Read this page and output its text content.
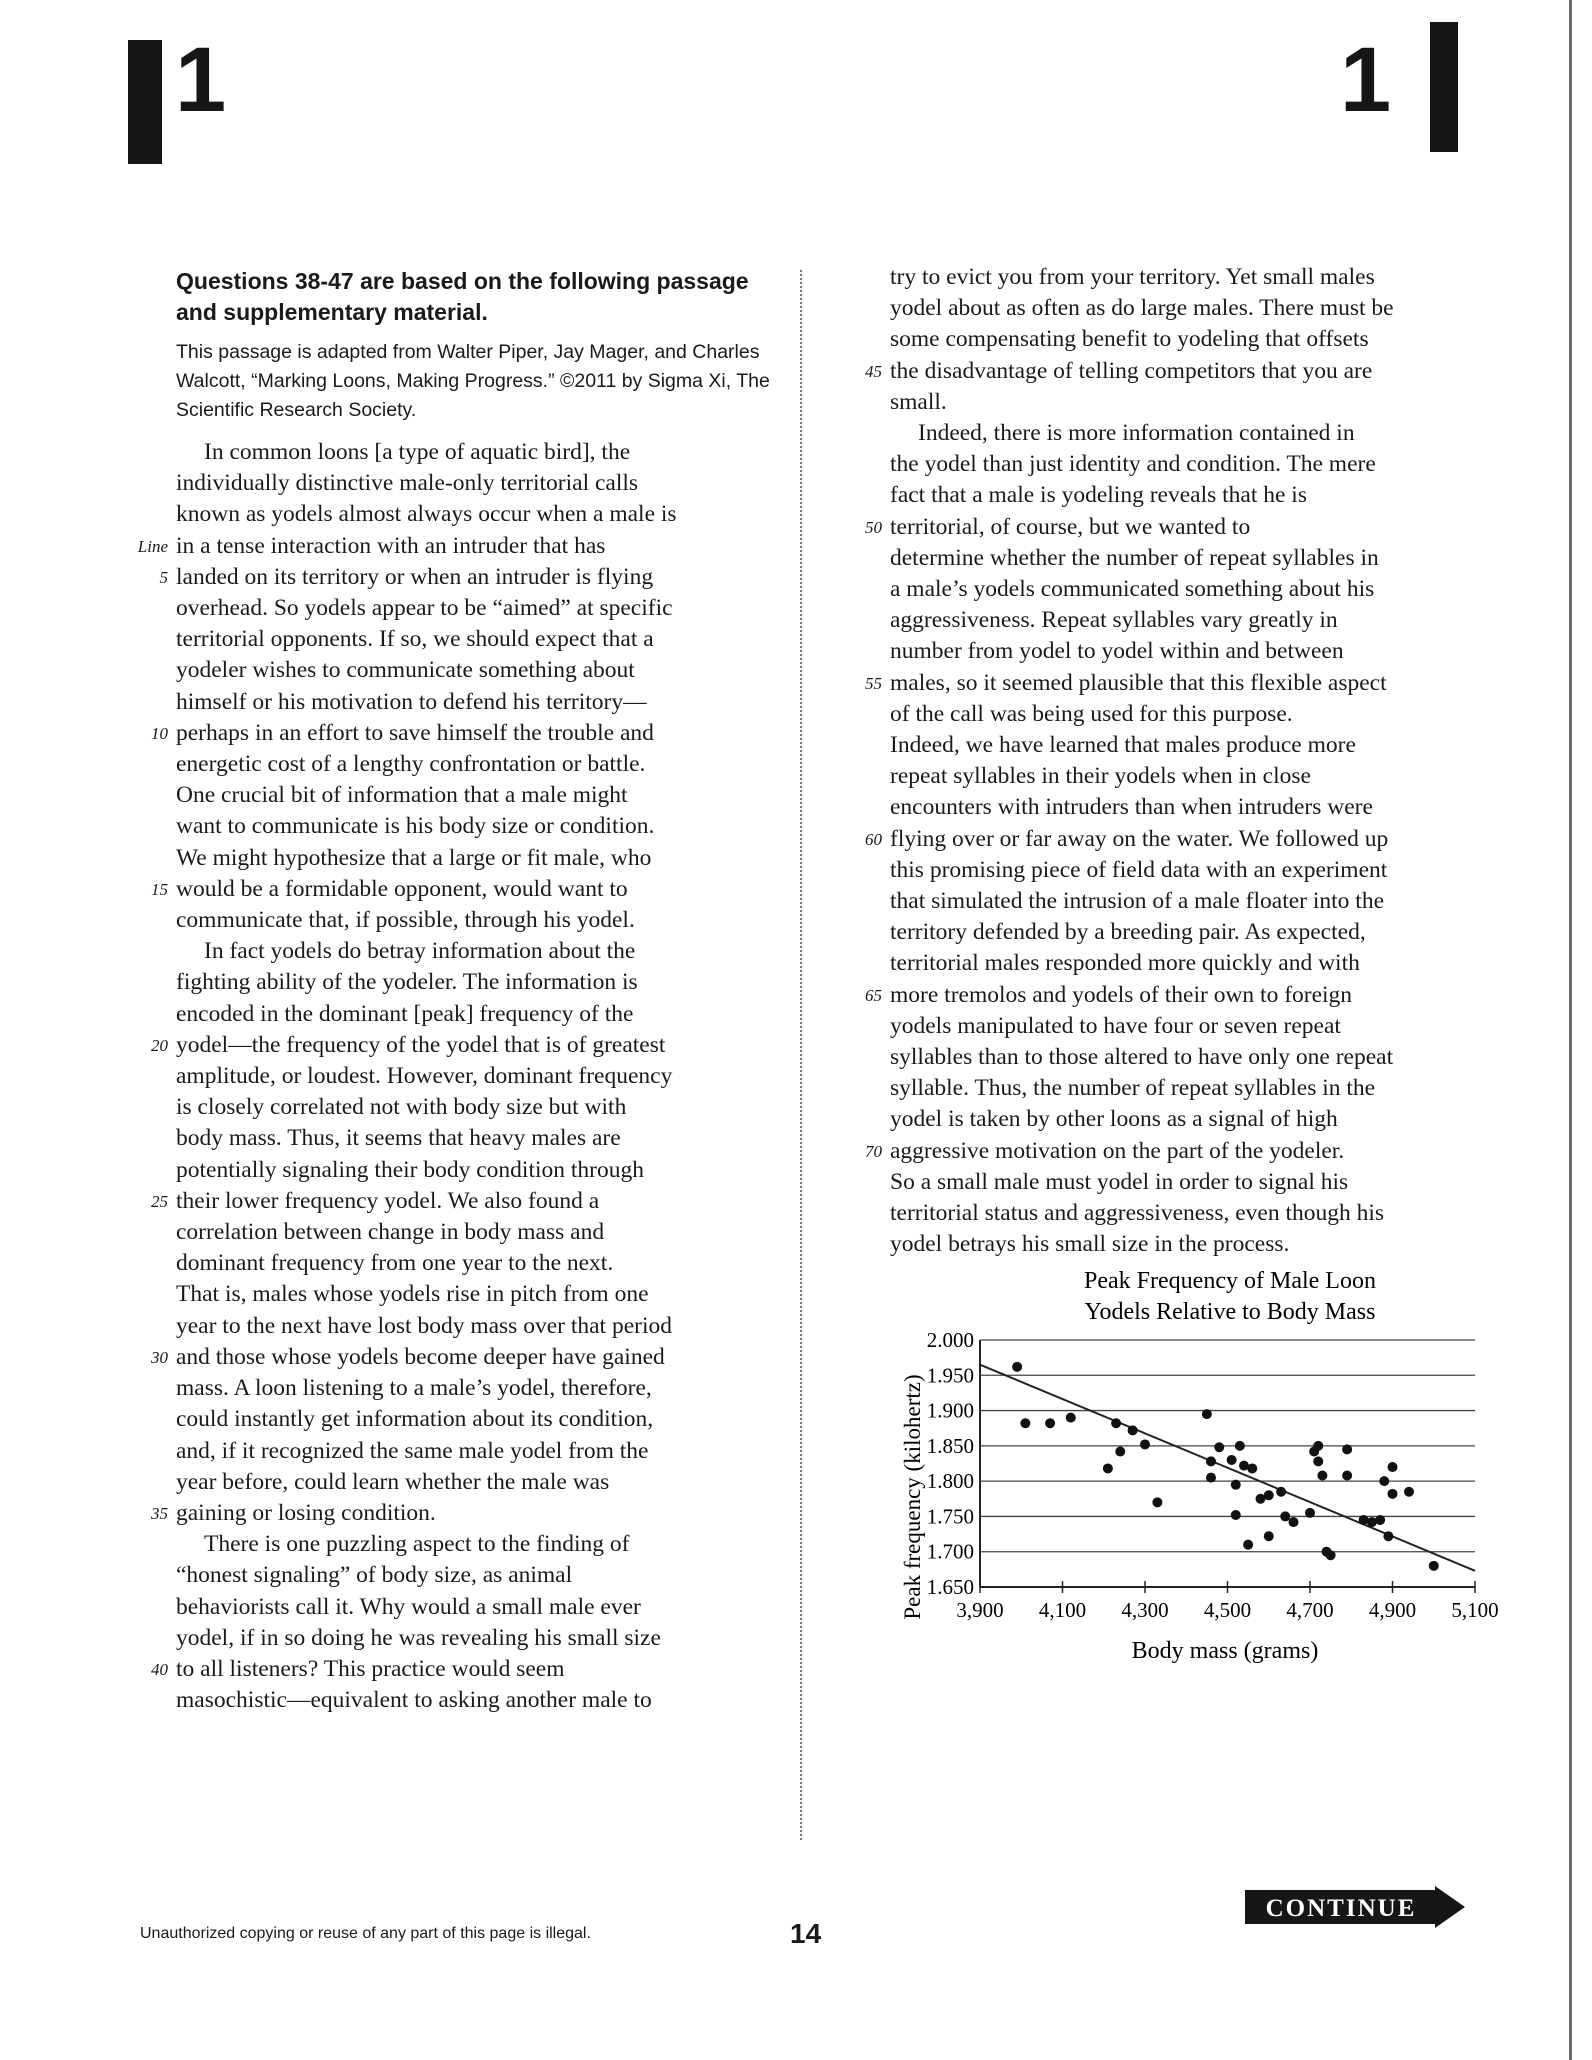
1	1
Questions 38-47 are based on the following passage and supplementary material.
This passage is adapted from Walter Piper, Jay Mager, and Charles Walcott, “Marking Loons, Making Progress.” ©2011 by Sigma Xi, The Scientific Research Society.
In common loons [a type of aquatic bird], the
individually distinctive male-only territorial calls
known as yodels almost always occur when a male is
Line in a tense interaction with an intruder that has
5 landed on its territory or when an intruder is flying
overhead. So yodels appear to be “aimed” at specific
territorial opponents. If so, we should expect that a
yodeler wishes to communicate something about
himself or his motivation to defend his territory—
10 perhaps in an effort to save himself the trouble and
energetic cost of a lengthy confrontation or battle.
One crucial bit of information that a male might
want to communicate is his body size or condition.
We might hypothesize that a large or fit male, who
15 would be a formidable opponent, would want to
communicate that, if possible, through his yodel.
In fact yodels do betray information about the
fighting ability of the yodeler. The information is
encoded in the dominant [peak] frequency of the
20 yodel—the frequency of the yodel that is of greatest
amplitude, or loudest. However, dominant frequency
is closely correlated not with body size but with
body mass. Thus, it seems that heavy males are
potentially signaling their body condition through
25 their lower frequency yodel. We also found a
correlation between change in body mass and
dominant frequency from one year to the next.
That is, males whose yodels rise in pitch from one
year to the next have lost body mass over that period
30 and those whose yodels become deeper have gained
mass. A loon listening to a male’s yodel, therefore,
could instantly get information about its condition,
and, if it recognized the same male yodel from the
year before, could learn whether the male was
35 gaining or losing condition.
There is one puzzling aspect to the finding of
“honest signaling” of body size, as animal
behaviorists call it. Why would a small male ever
yodel, if in so doing he was revealing his small size
40 to all listeners? This practice would seem
masochistic—equivalent to asking another male to
try to evict you from your territory. Yet small males
yodel about as often as do large males. There must be
some compensating benefit to yodeling that offsets
45 the disadvantage of telling competitors that you are
small.
Indeed, there is more information contained in
the yodel than just identity and condition. The mere
fact that a male is yodeling reveals that he is
50 territorial, of course, but we wanted to
determine whether the number of repeat syllables in
a male’s yodels communicated something about his
aggressiveness. Repeat syllables vary greatly in
number from yodel to yodel within and between
55 males, so it seemed plausible that this flexible aspect
of the call was being used for this purpose.
Indeed, we have learned that males produce more
repeat syllables in their yodels when in close
encounters with intruders than when intruders were
60 flying over or far away on the water. We followed up
this promising piece of field data with an experiment
that simulated the intrusion of a male floater into the
territory defended by a breeding pair. As expected,
territorial males responded more quickly and with
65 more tremolos and yodels of their own to foreign
yodels manipulated to have four or seven repeat
syllables than to those altered to have only one repeat
syllable. Thus, the number of repeat syllables in the
yodel is taken by other loons as a signal of high
70 aggressive motivation on the part of the yodeler.
So a small male must yodel in order to signal his
territorial status and aggressiveness, even though his
yodel betrays his small size in the process.
Peak Frequency of Male Loon
Yodels Relative to Body Mass
2.000
1.950
1.900
1.850
1.800
1.750
1.700
1.650
3,900 4,100 4,300 4,500 4,700 4,900 5,100
Peak frequency (kilohertz)
Body mass (grams)
Unauthorized copying or reuse of any part of this page is illegal.	14
CONTINUE
